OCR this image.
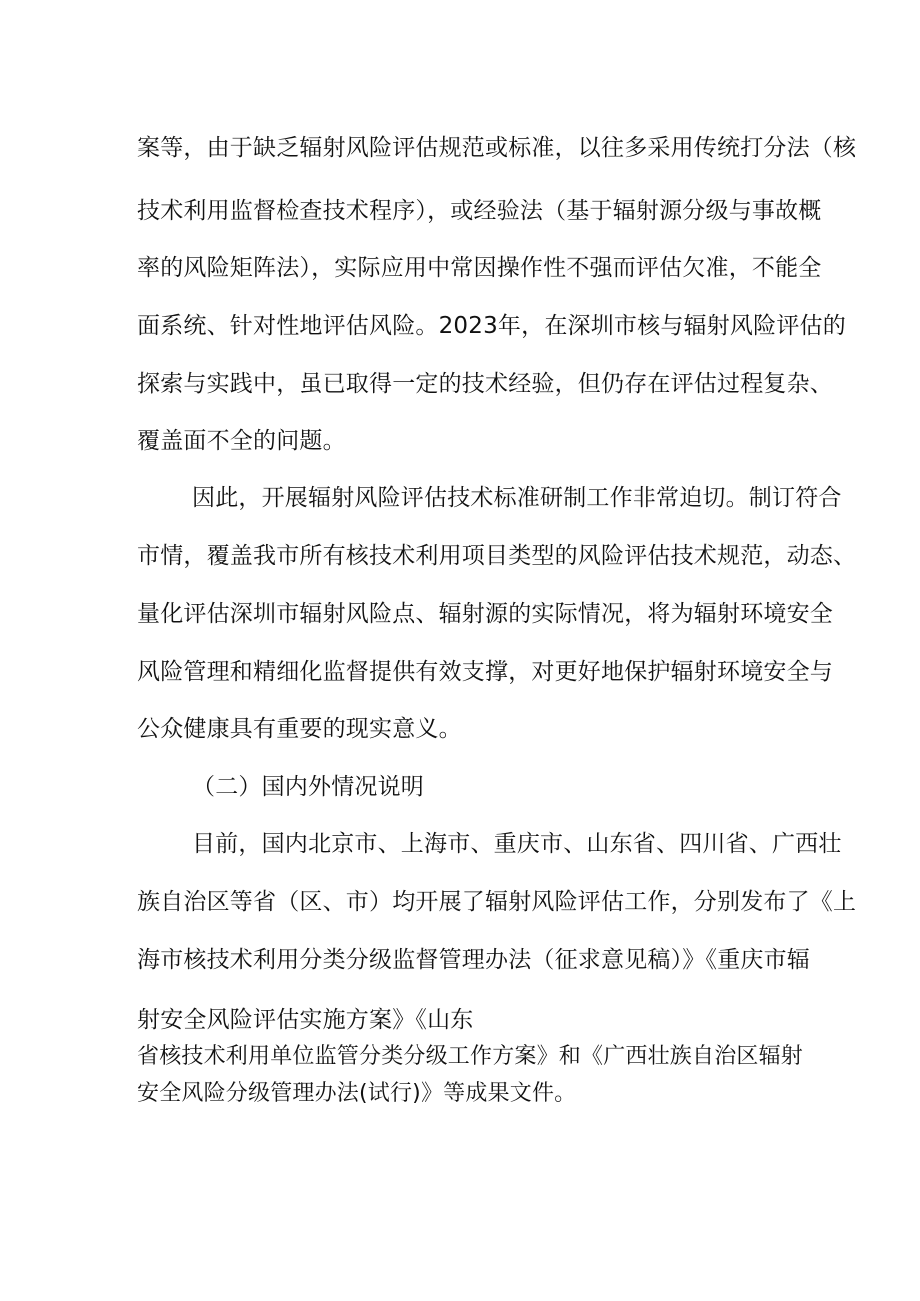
案等，由于缺乏辐射风险评估规范或标准，以往多采用传统打分法（核
技术利用监督检查技术程序），或经验法（基于辐射源分级与事故概
率的风险矩阵法），实际应用中常因操作性不强而评估欠准，不能全
面系统、针对性地评估风险。2023年，在深圳市核与辐射风险评估的
探索与实践中，虽已取得一定的技术经验，但仍存在评估过程复杂、
覆盖面不全的问题。
因此，开展辐射风险评估技术标准研制工作非常迫切。制订符合
市情，覆盖我市所有核技术利用项目类型的风险评估技术规范，动态、
量化评估深圳市辐射风险点、辐射源的实际情况，将为辐射环境安全
风险管理和精细化监督提供有效支撑，对更好地保护辐射环境安全与
公众健康具有重要的现实意义。
（二）国内外情况说明
目前，国内北京市、上海市、重庆市、山东省、四川省、广西壮
族自治区等省（区、市）均开展了辐射风险评估工作，分别发布了《上
海市核技术利用分类分级监督管理办法（征求意见稿）》《重庆市辐
射安全风险评估实施方案》《山东
省核技术利用单位监管分类分级工作方案》和《广西壮族自治区辐射
安全风险分级管理办法(试行)》等成果文件。
